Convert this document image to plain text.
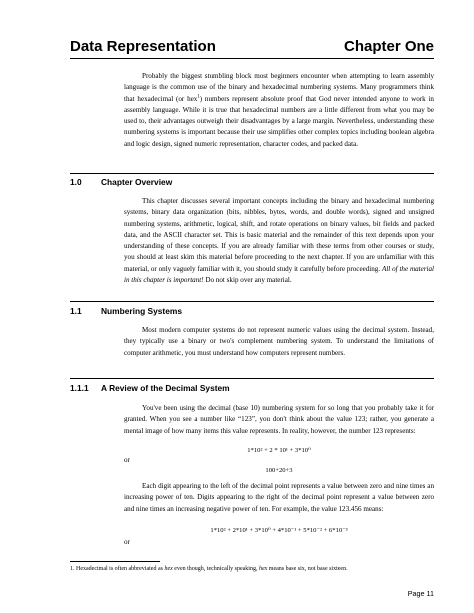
Data Representation	Chapter One
Probably the biggest stumbling block most beginners encounter when attempting to learn assembly language is the common use of the binary and hexadecimal numbering systems. Many programmers think that hexadecimal (or hex$^1$) numbers represent absolute proof that God never intended anyone to work in assembly language. While it is true that hexadecimal numbers are a little different from what you may be used to, their advantages outweigh their disadvantages by a large margin. Nevertheless, understanding these numbering systems is important because their use simplifies other complex topics including boolean algebra and logic design, signed numeric representation, character codes, and packed data.
1.0 Chapter Overview
This chapter discusses several important concepts including the binary and hexadecimal numbering systems, binary data organization (bits, nibbles, bytes, words, and double words), signed and unsigned numbering systems, arithmetic, logical, shift, and rotate operations on binary values, bit fields and packed data, and the ASCII character set. This is basic material and the remainder of this text depends upon your understanding of these concepts. If you are already familiar with these terms from other courses or study, you should at least skim this material before proceeding to the next chapter. If you are unfamiliar with this material, or only vaguely familiar with it, you should study it carefully before proceeding. All of the material in this chapter is important! Do not skip over any material.
1.1 Numbering Systems
Most modern computer systems do not represent numeric values using the decimal system. Instead, they typically use a binary or two's complement numbering system. To understand the limitations of computer arithmetic, you must understand how computers represent numbers.
1.1.1 A Review of the Decimal System
You've been using the decimal (base 10) numbering system for so long that you probably take it for granted. When you see a number like “123”, you don't think about the value 123; rather, you generate a mental image of how many items this value represents. In reality, however, the number 123 represents:
1*10² + 2 * 10¹ + 3*10⁰
or
100+20+3
Each digit appearing to the left of the decimal point represents a value between zero and nine times an increasing power of ten. Digits appearing to the right of the decimal point represent a value between zero and nine times an increasing negative power of ten. For example, the value 123.456 means:
1*10² + 2*10¹ + 3*10⁰ + 4*10⁻¹ + 5*10⁻² + 6*10⁻³
or
1. Hexadecimal is often abbreviated as hex even though, technically speaking, hex means base six, not base sixteen.
Page 11
